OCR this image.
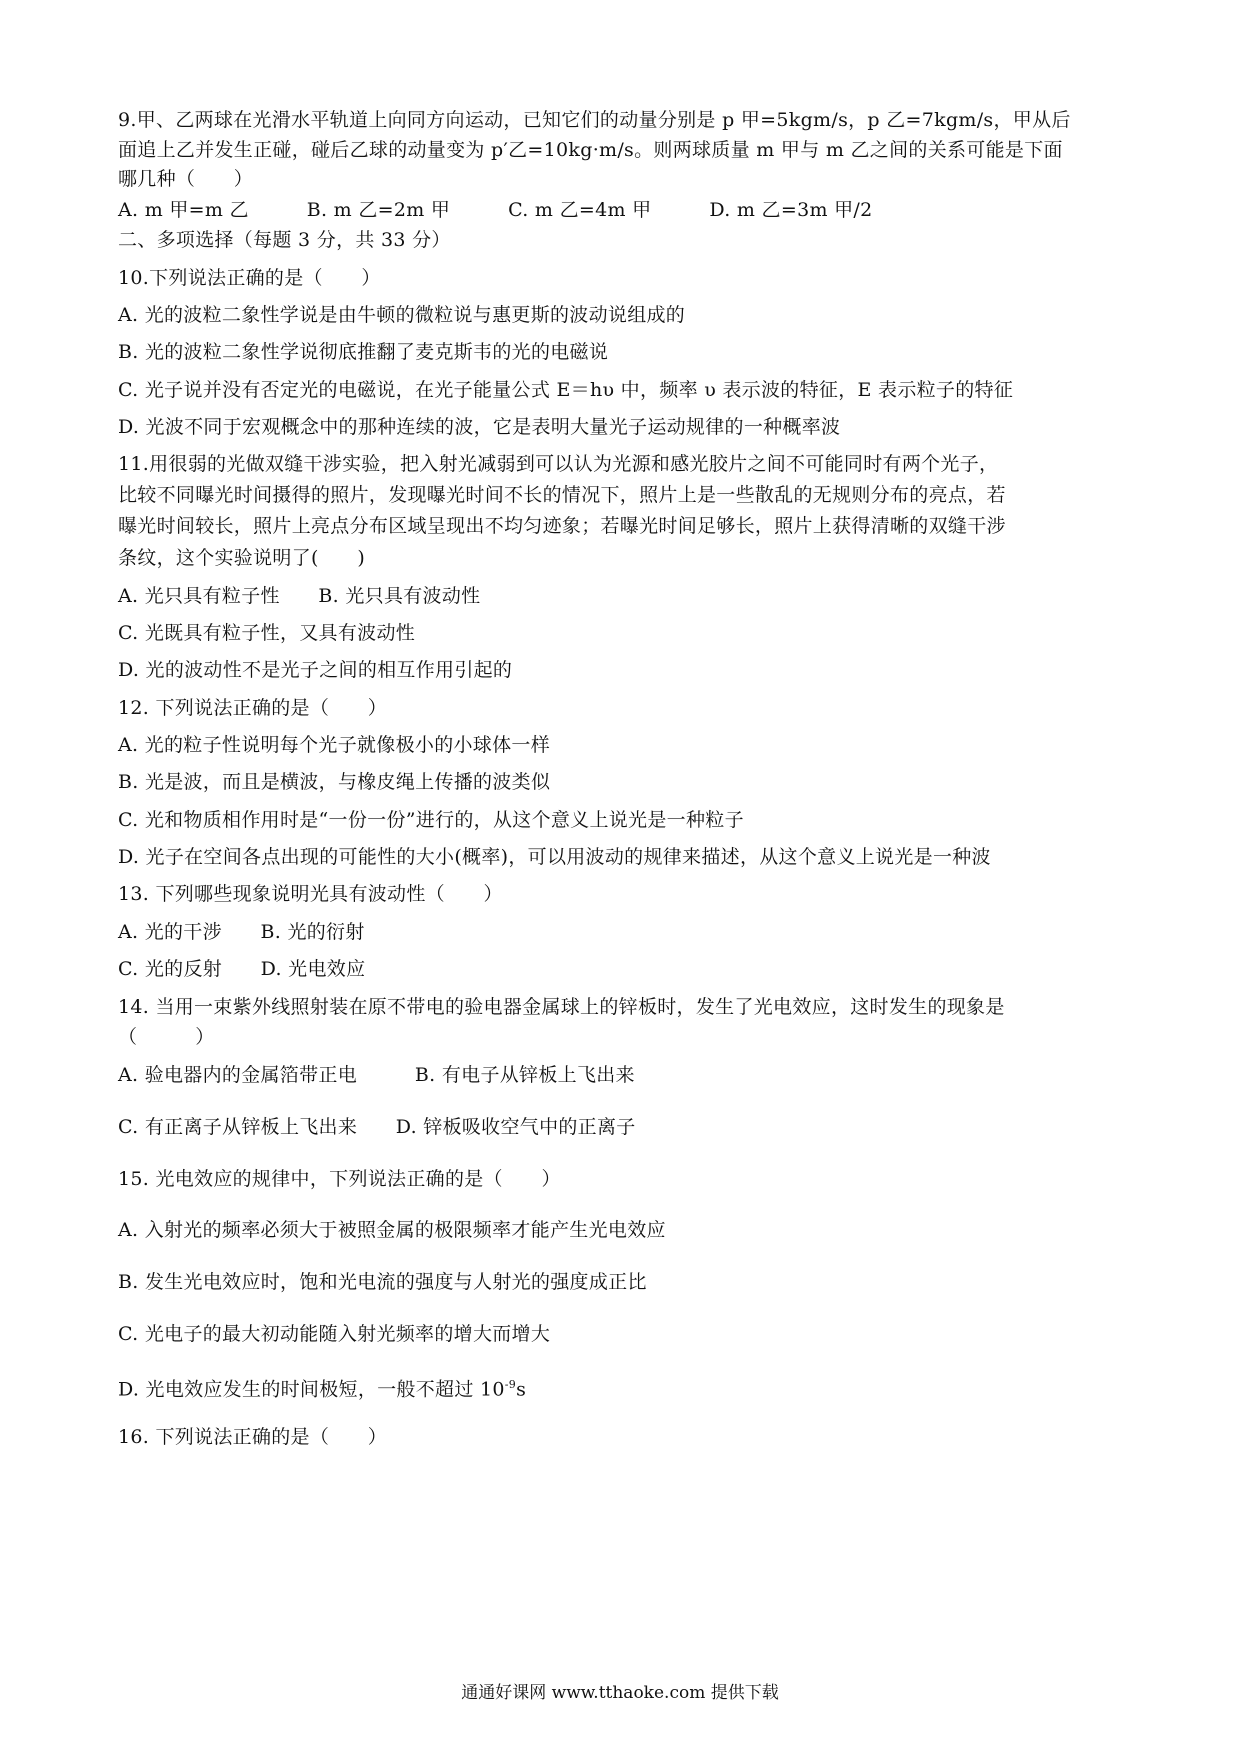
9.甲、乙两球在光滑水平轨道上向同方向运动，已知它们的动量分别是 p 甲=5kgm/s，p 乙=7kgm/s，甲从后
面追上乙并发生正碰，碰后乙球的动量变为 p′乙=10kg·m/s。则两球质量 m 甲与 m 乙之间的关系可能是下面
哪几种（　　）
A. m 甲=m 乙　　　B. m 乙=2m 甲　　　C. m 乙=4m 甲　　　D. m 乙=3m 甲/2
二、多项选择（每题 3 分，共 33 分）
10.下列说法正确的是（　　）
A. 光的波粒二象性学说是由牛顿的微粒说与惠更斯的波动说组成的
B. 光的波粒二象性学说彻底推翻了麦克斯韦的光的电磁说
C. 光子说并没有否定光的电磁说，在光子能量公式 E＝hυ 中，频率 υ 表示波的特征，E 表示粒子的特征
D. 光波不同于宏观概念中的那种连续的波，它是表明大量光子运动规律的一种概率波
11.用很弱的光做双缝干涉实验，把入射光减弱到可以认为光源和感光胶片之间不可能同时有两个光子，
比较不同曝光时间摄得的照片，发现曝光时间不长的情况下，照片上是一些散乱的无规则分布的亮点，若
曝光时间较长，照片上亮点分布区域呈现出不均匀迹象；若曝光时间足够长，照片上获得清晰的双缝干涉
条纹，这个实验说明了(　　)
A. 光只具有粒子性　　B. 光只具有波动性
C. 光既具有粒子性，又具有波动性
D. 光的波动性不是光子之间的相互作用引起的
12. 下列说法正确的是（　　）
A. 光的粒子性说明每个光子就像极小的小球体一样
B. 光是波，而且是横波，与橡皮绳上传播的波类似
C. 光和物质相作用时是“一份一份”进行的，从这个意义上说光是一种粒子
D. 光子在空间各点出现的可能性的大小(概率)，可以用波动的规律来描述，从这个意义上说光是一种波
13. 下列哪些现象说明光具有波动性（　　）
A. 光的干涉　　B. 光的衍射
C. 光的反射　　D. 光电效应
14. 当用一束紫外线照射装在原不带电的验电器金属球上的锌板时，发生了光电效应，这时发生的现象是
（　　　）
A. 验电器内的金属箔带正电　　　B. 有电子从锌板上飞出来
C. 有正离子从锌板上飞出来　　D. 锌板吸收空气中的正离子
15. 光电效应的规律中，下列说法正确的是（　　）
A. 入射光的频率必须大于被照金属的极限频率才能产生光电效应
B. 发生光电效应时，饱和光电流的强度与人射光的强度成正比
C. 光电子的最大初动能随入射光频率的增大而增大
D. 光电效应发生的时间极短，一般不超过 $10^{-9}s$
16. 下列说法正确的是（　　）
通通好课网 www.tthaoke.com 提供下载
